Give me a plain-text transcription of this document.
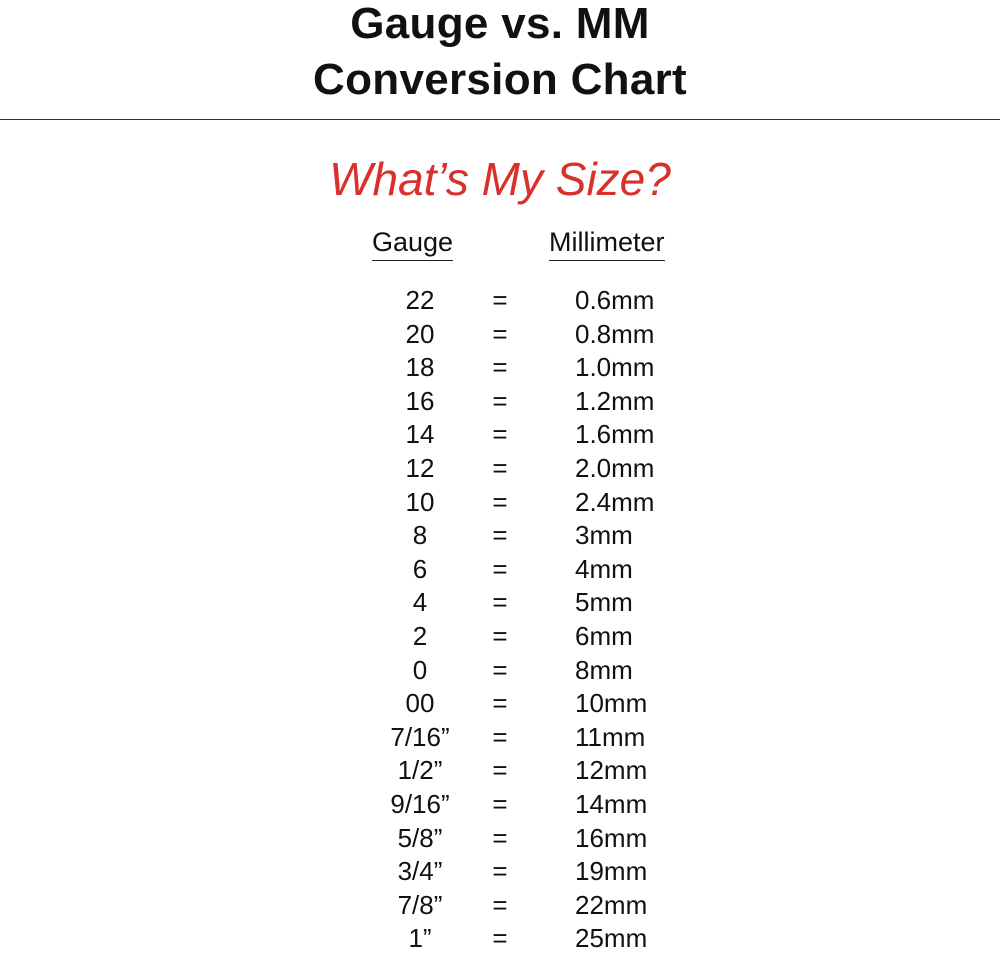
Gauge vs. MM
Conversion Chart
What’s My Size?
Gauge	Millimeter
22	=	0.6mm
20	=	0.8mm
18	=	1.0mm
16	=	1.2mm
14	=	1.6mm
12	=	2.0mm
10	=	2.4mm
8	=	3mm
6	=	4mm
4	=	5mm
2	=	6mm
0	=	8mm
00	=	10mm
7/16”	=	11mm
1/2”	=	12mm
9/16”	=	14mm
5/8”	=	16mm
3/4”	=	19mm
7/8”	=	22mm
1”	=	25mm
